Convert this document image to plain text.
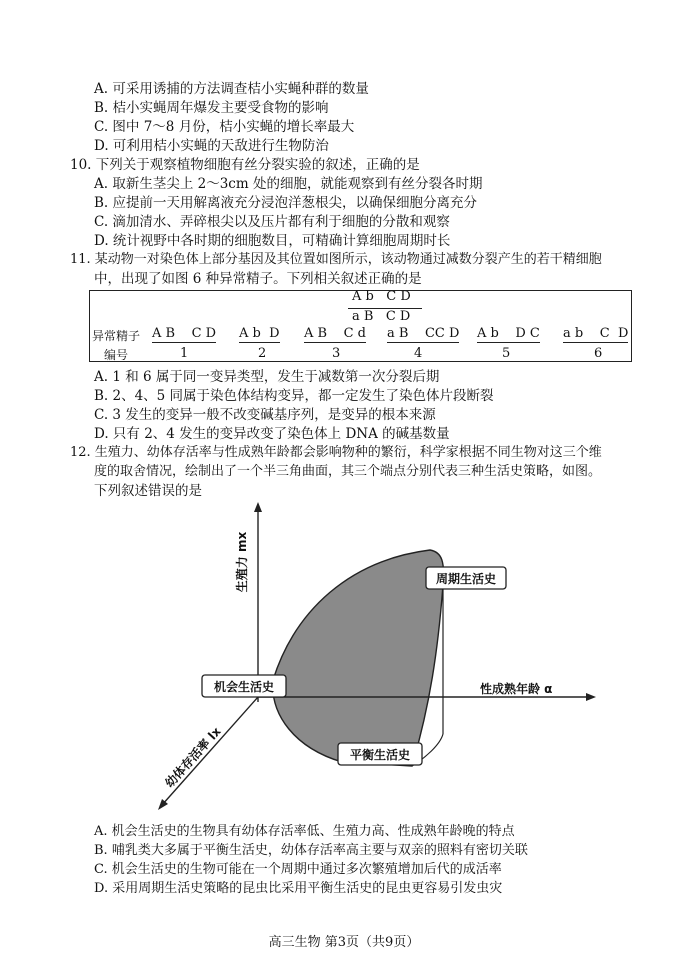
A. 可采用诱捕的方法调查桔小实蝇种群的数量
B. 桔小实蝇周年爆发主要受食物的影响
C. 图中 7～8 月份，桔小实蝇的增长率最大
D. 可利用桔小实蝇的天敌进行生物防治
10. 下列关于观察植物细胞有丝分裂实验的叙述，正确的是
A. 取新生茎尖上 2～3cm 处的细胞，就能观察到有丝分裂各时期
B. 应提前一天用解离液充分浸泡洋葱根尖，以确保细胞分离充分
C. 滴加清水、弄碎根尖以及压片都有利于细胞的分散和观察
D. 统计视野中各时期的细胞数目，可精确计算细胞周期时长
11. 某动物一对染色体上部分基因及其位置如图所示，该动物通过减数分裂产生的若干精细胞
中，出现了如图 6 种异常精子。下列相关叙述正确的是
A b   C D
a B   C D
异常精子
编号
A B    C D
1
A b  D
2
A B    C d
3
a B    CC D
4
A b    D C
5
a b    C  D
6
A. 1 和 6 属于同一变异类型，发生于减数第一次分裂后期
B. 2、4、5 同属于染色体结构变异，都一定发生了染色体片段断裂
C. 3 发生的变异一般不改变碱基序列，是变异的根本来源
D. 只有 2、4 发生的变异改变了染色体上 DNA 的碱基数量
12. 生殖力、幼体存活率与性成熟年龄都会影响物种的繁衍，科学家根据不同生物对这三个维
度的取舍情况，绘制出了一个半三角曲面，其三个端点分别代表三种生活史策略，如图。
下列叙述错误的是
生殖力 mx
性成熟年龄 α
幼体存活率 lx
周期生活史
机会生活史
平衡生活史
A. 机会生活史的生物具有幼体存活率低、生殖力高、性成熟年龄晚的特点
B. 哺乳类大多属于平衡生活史，幼体存活率高主要与双亲的照料有密切关联
C. 机会生活史的生物可能在一个周期中通过多次繁殖增加后代的成活率
D. 采用周期生活史策略的昆虫比采用平衡生活史的昆虫更容易引发虫灾
高三生物 第3页（共9页）
